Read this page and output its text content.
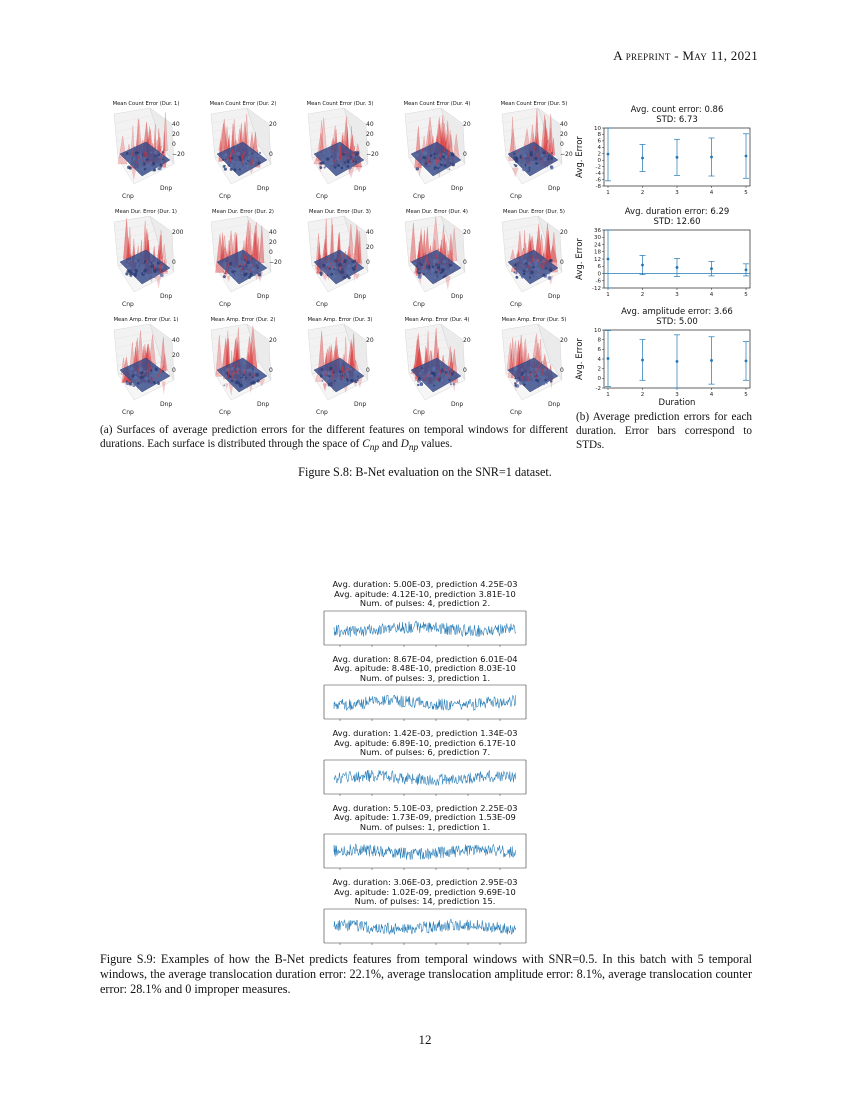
A preprint - May 11, 2021
Mean Count Error (Dur. 1)
40
20
0
−20
Cnp
Dnp
Mean Count Error (Dur. 2)
20
0
Cnp
Dnp
Mean Count Error (Dur. 3)
40
20
0
−20
Cnp
Dnp
Mean Count Error (Dur. 4)
20
0
Cnp
Dnp
Mean Count Error (Dur. 5)
40
20
0
−20
Cnp
Dnp
Mean Dur. Error (Dur. 1)
200
0
Cnp
Dnp
Mean Dur. Error (Dur. 2)
40
20
0
−20
Cnp
Dnp
Mean Dur. Error (Dur. 3)
40
20
0
Cnp
Dnp
Mean Dur. Error (Dur. 4)
20
0
Cnp
Dnp
Mean Dur. Error (Dur. 5)
20
0
Cnp
Dnp
Mean Amp. Error (Dur. 1)
40
20
0
Cnp
Dnp
Mean Amp. Error (Dur. 2)
20
0
Cnp
Dnp
Mean Amp. Error (Dur. 3)
20
0
Cnp
Dnp
Mean Amp. Error (Dur. 4)
20
0
Cnp
Dnp
Mean Amp. Error (Dur. 5)
20
0
Cnp
Dnp
Avg. count error: 0.86
STD: 6.73
10
8
6
4
2
0
-2
-4
-6
-8
1	2	3	4	5
Avg. Error
Avg. duration error: 6.29
STD: 12.60
36
30
24
18
12
6
0
-6
-12
1	2	3	4	5
Avg. Error
Avg. amplitude error: 3.66
STD: 5.00
10
8
6
4
2
0
-2
1	2	3	4	5
Avg. Error
Duration
(a) Surfaces of average prediction errors for the different features on temporal windows for different durations. Each surface is distributed through the space of $C_{np}$ and $D_{np}$ values.
(b) Average prediction errors for each duration. Error bars correspond to STDs.
Figure S.8: B-Net evaluation on the SNR=1 dataset.
Avg. duration: 5.00E-03, prediction 4.25E-03
Avg. apitude: 4.12E-10, prediction 3.81E-10
Num. of pulses: 4, prediction 2.
Avg. duration: 8.67E-04, prediction 6.01E-04
Avg. apitude: 8.48E-10, prediction 8.03E-10
Num. of pulses: 3, prediction 1.
Avg. duration: 1.42E-03, prediction 1.34E-03
Avg. apitude: 6.89E-10, prediction 6.17E-10
Num. of pulses: 6, prediction 7.
Avg. duration: 5.10E-03, prediction 2.25E-03
Avg. apitude: 1.73E-09, prediction 1.53E-09
Num. of pulses: 1, prediction 1.
Avg. duration: 3.06E-03, prediction 2.95E-03
Avg. apitude: 1.02E-09, prediction 9.69E-10
Num. of pulses: 14, prediction 15.
Figure S.9: Examples of how the B-Net predicts features from temporal windows with SNR=0.5. In this batch with 5 temporal windows, the average translocation duration error: 22.1%, average translocation amplitude error: 8.1%, average translocation counter error: 28.1% and 0 improper measures.
12
